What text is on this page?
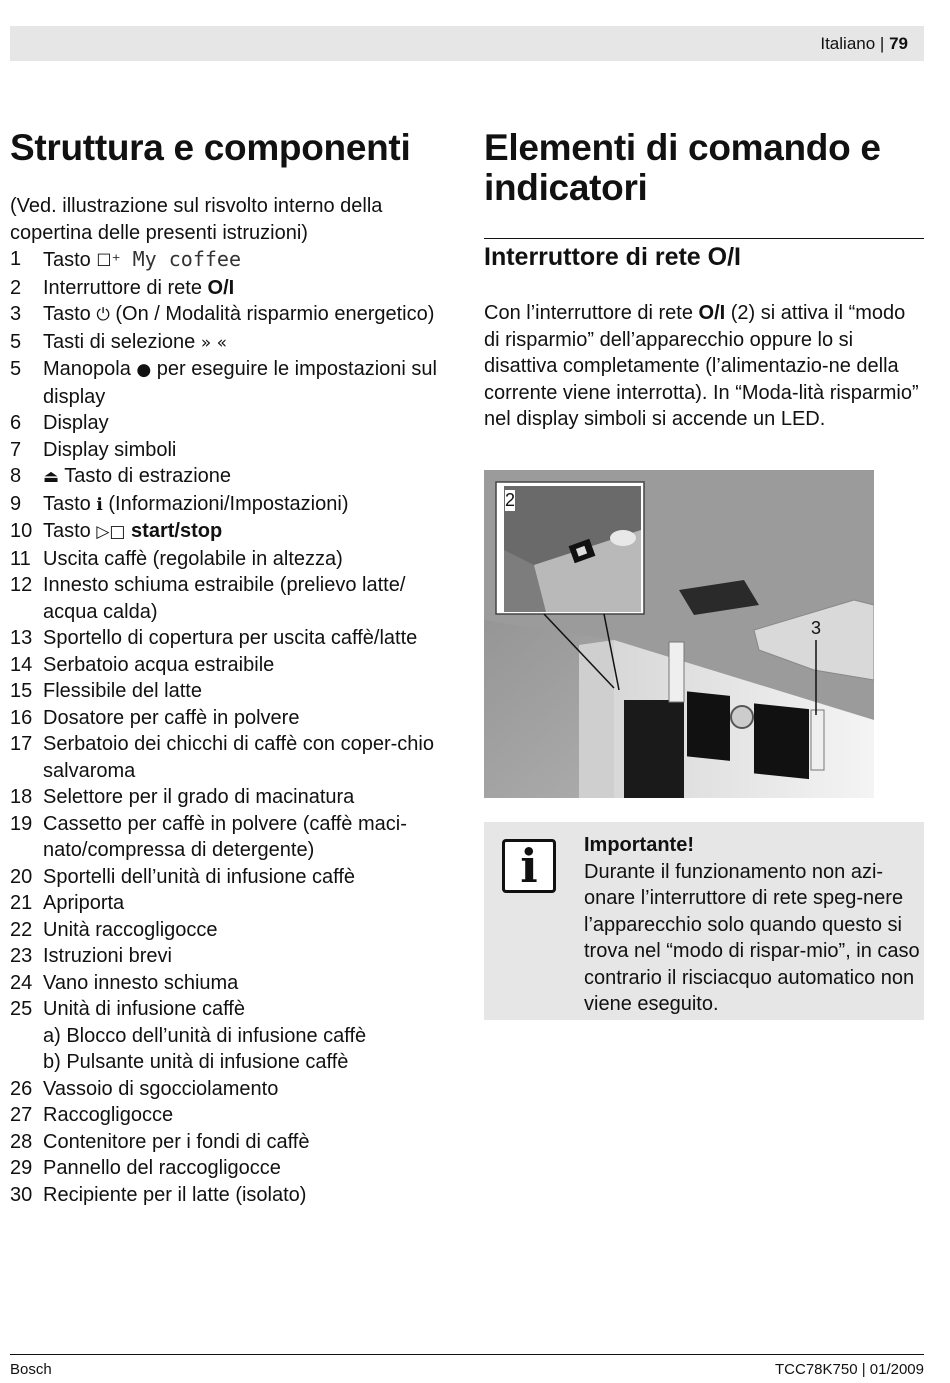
Italiano | 79
Struttura e componenti
(Ved. illustrazione sul risvolto interno della copertina delle presenti istruzioni)
1	Tasto ☐⁺ My coffee
2	Interruttore di rete O/I
3	Tasto ⏻ (On / Modalità risparmio energetico)
5	Tasti di selezione » «
5	Manopola ● per eseguire le impostazioni sul display
6	Display
7	Display simboli
8	⏏ Tasto di estrazione
9	Tasto ℹ (Informazioni/Impostazioni)
10 Tasto ▷□ start/stop
11 Uscita caffè (regolabile in altezza)
12 Innesto schiuma estraibile (prelievo latte/ acqua calda)
13 Sportello di copertura per uscita caffè/latte
14 Serbatoio acqua estraibile
15 Flessibile del latte
16 Dosatore per caffè in polvere
17 Serbatoio dei chicchi di caffè con coper-chio salvaroma
18 Selettore per il grado di macinatura
19 Cassetto per caffè in polvere (caffè maci-nato/compressa di detergente)
20 Sportelli dell’unità di infusione caffè
21 Apriporta
22 Unità raccogligocce
23 Istruzioni brevi
24 Vano innesto schiuma
25 Unità di infusione caffè
a) Blocco dell’unità di infusione caffè
b) Pulsante unità di infusione caffè
26 Vassoio di sgocciolamento
27 Raccogligocce
28 Contenitore per i fondi di caffè
29 Pannello del raccogligocce
30 Recipiente per il latte (isolato)
Elementi di comando e indicatori
Interruttore di rete O/I
Con l’interruttore di rete O/I (2) si attiva il “modo di risparmio” dell’apparecchio oppure lo si disattiva completamente (l’alimentazio-ne della corrente viene interrotta). In “Moda-lità risparmio” nel display simboli si accende un LED.
2
3
i Importante!
Durante il funzionamento non azi-onare l’interruttore di rete speg-nere l’apparecchio solo quando questo si trova nel “modo di rispar-mio”, in caso contrario il risciacquo automatico non viene eseguito.
Bosch	TCC78K750 | 01/2009
